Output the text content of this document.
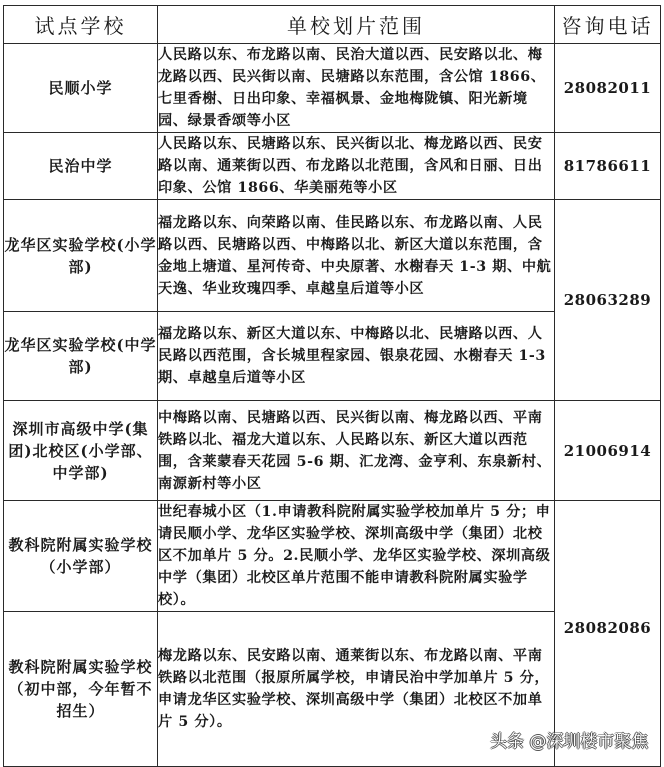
试点学校	单校划片范围	咨询电话
民顺小学	人民路以东、布龙路以南、民治大道以西、民安路以北、梅龙路以西、民兴街以南、民塘路以东范围，含公馆 1866、七里香榭、日出印象、幸福枫景、金地梅陇镇、阳光新境园、绿景香颂等小区	28082011
民治中学	人民路以东、民塘路以东、民兴街以北、梅龙路以西、民安路以南、通莱街以西、布龙路以北范围，含风和日丽、日出印象、公馆 1866、华美丽苑等小区	81786611
龙华区实验学校(小学部)	福龙路以东、向荣路以南、佳民路以东、布龙路以南、人民路以西、民塘路以西、中梅路以北、新区大道以东范围，含金地上塘道、星河传奇、中央原著、水榭春天 1-3 期、中航天逸、华业玫瑰四季、卓越皇后道等小区	28063289
龙华区实验学校(中学部)	福龙路以东、新区大道以东、中梅路以北、民塘路以西、人民路以西范围，含长城里程家园、银泉花园、水榭春天 1-3 期、卓越皇后道等小区	
深圳市高级中学(集团)北校区(小学部、中学部)	中梅路以南、民塘路以西、民兴街以南、梅龙路以西、平南铁路以北、福龙大道以东、人民路以东、新区大道以西范围，含莱蒙春天花园 5-6 期、汇龙湾、金亨利、东泉新村、南源新村等小区	21006914
教科院附属实验学校（小学部）	世纪春城小区（1.申请教科院附属实验学校加单片 5 分；申请民顺小学、龙华区实验学校、深圳高级中学（集团）北校区不加单片 5 分。2.民顺小学、龙华区实验学校、深圳高级中学（集团）北校区单片范围不能申请教科院附属实验学校）。	28082086
教科院附属实验学校（初中部，今年暂不招生）	梅龙路以东、民安路以南、通莱街以东、布龙路以南、平南铁路以北范围（报原所属学校，申请民治中学加单片 5 分，申请龙华区实验学校、深圳高级中学（集团）北校区不加单片 5 分）。	
头条 @深圳楼市聚焦
